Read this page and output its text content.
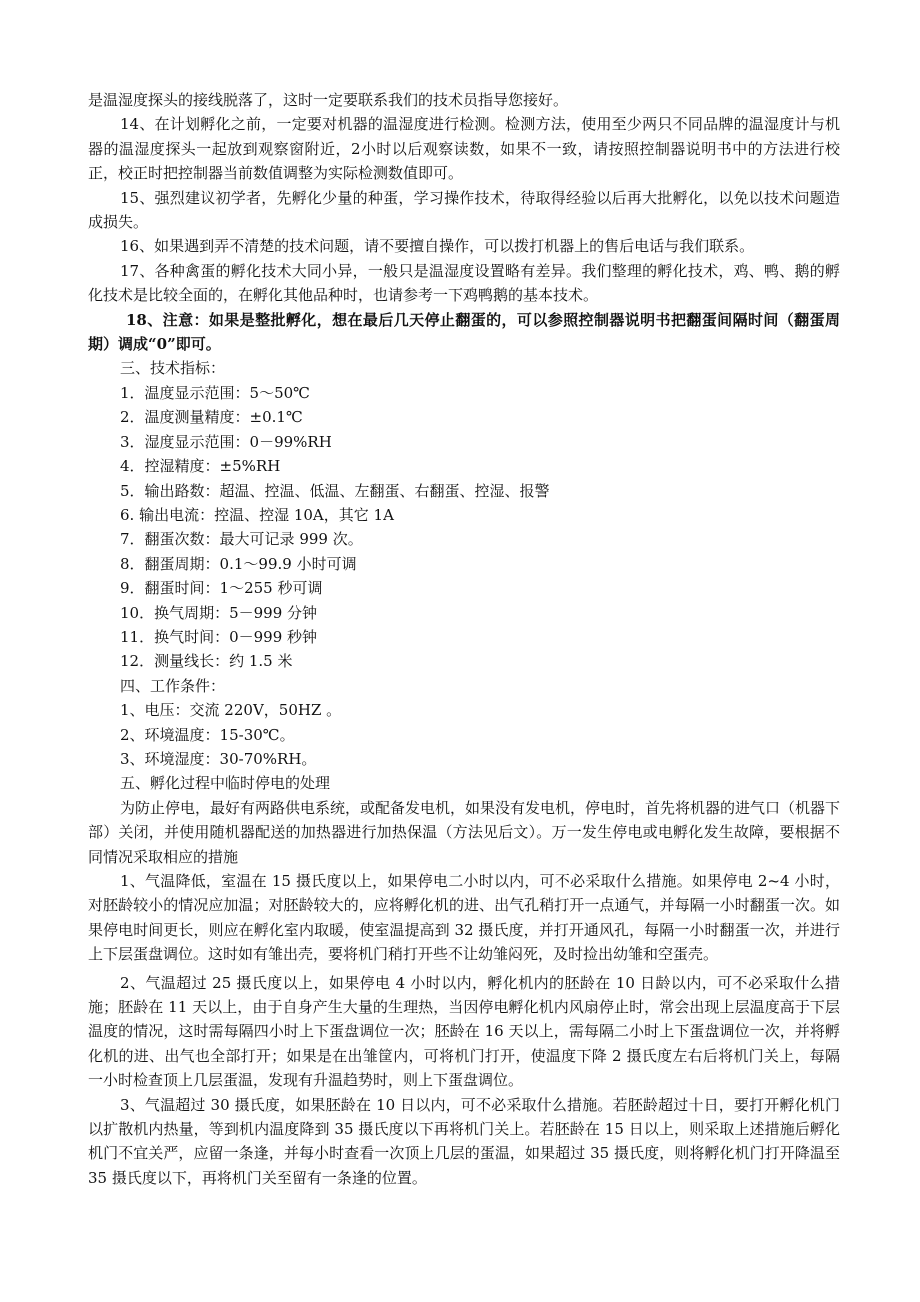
是温湿度探头的接线脱落了，这时一定要联系我们的技术员指导您接好。

14、在计划孵化之前，一定要对机器的温湿度进行检测。检测方法，使用至少两只不同品牌的温湿度计与机器的温湿度探头一起放到观察窗附近，2小时以后观察读数，如果不一致，请按照控制器说明书中的方法进行校正，校正时把控制器当前数值调整为实际检测数值即可。

15、强烈建议初学者，先孵化少量的种蛋，学习操作技术，待取得经验以后再大批孵化，以免以技术问题造成损失。

16、如果遇到弄不清楚的技术问题，请不要擅自操作，可以拨打机器上的售后电话与我们联系。

17、各种禽蛋的孵化技术大同小异，一般只是温湿度设置略有差异。我们整理的孵化技术，鸡、鸭、鹅的孵化技术是比较全面的，在孵化其他品种时，也请参考一下鸡鸭鹅的基本技术。

18、注意：如果是整批孵化，想在最后几天停止翻蛋的，可以参照控制器说明书把翻蛋间隔时间（翻蛋周期）调成“0”即可。

三、技术指标：

1．温度显示范围：5～50℃

2．温度测量精度：±0.1℃

3．湿度显示范围：0－99%RH

4．控湿精度：±5%RH

5．输出路数：超温、控温、低温、左翻蛋、右翻蛋、控湿、报警

6. 输出电流：控温、控湿 10A，其它 1A

7．翻蛋次数：最大可记录 999 次。

8．翻蛋周期：0.1～99.9 小时可调

9．翻蛋时间：1～255 秒可调

10．换气周期：5－999 分钟

11．换气时间：0－999 秒钟

12．测量线长：约 1.5 米

四、工作条件：

1、电压：交流 220V，50HZ 。

2、环境温度：15-30℃。

3、环境湿度：30-70%RH。

五、孵化过程中临时停电的处理

为防止停电，最好有两路供电系统，或配备发电机，如果没有发电机，停电时，首先将机器的进气口（机器下部）关闭，并使用随机器配送的加热器进行加热保温（方法见后文）。万一发生停电或电孵化发生故障，要根据不同情况采取相应的措施

1、气温降低，室温在 15 摄氏度以上，如果停电二小时以内，可不必采取什么措施。如果停电 2~4 小时，对胚龄较小的情况应加温；对胚龄较大的，应将孵化机的进、出气孔稍打开一点通气，并每隔一小时翻蛋一次。如果停电时间更长，则应在孵化室内取暖，使室温提高到 32 摄氏度，并打开通风孔，每隔一小时翻蛋一次，并进行上下层蛋盘调位。这时如有雏出壳，要将机门稍打开些不让幼雏闷死，及时捡出幼雏和空蛋壳。

2、气温超过 25 摄氏度以上，如果停电 4 小时以内，孵化机内的胚龄在 10 日龄以内，可不必采取什么措施；胚龄在 11 天以上，由于自身产生大量的生理热，当因停电孵化机内风扇停止时，常会出现上层温度高于下层温度的情况，这时需每隔四小时上下蛋盘调位一次；胚龄在 16 天以上，需每隔二小时上下蛋盘调位一次，并将孵化机的进、出气也全部打开；如果是在出雏筐内，可将机门打开，使温度下降 2 摄氏度左右后将机门关上，每隔一小时检查顶上几层蛋温，发现有升温趋势时，则上下蛋盘调位。

3、气温超过 30 摄氏度，如果胚龄在 10 日以内，可不必采取什么措施。若胚龄超过十日，要打开孵化机门以扩散机内热量，等到机内温度降到 35 摄氏度以下再将机门关上。若胚龄在 15 日以上，则采取上述措施后孵化机门不宜关严，应留一条逢，并每小时查看一次顶上几层的蛋温，如果超过 35 摄氏度，则将孵化机门打开降温至 35 摄氏度以下，再将机门关至留有一条逢的位置。
